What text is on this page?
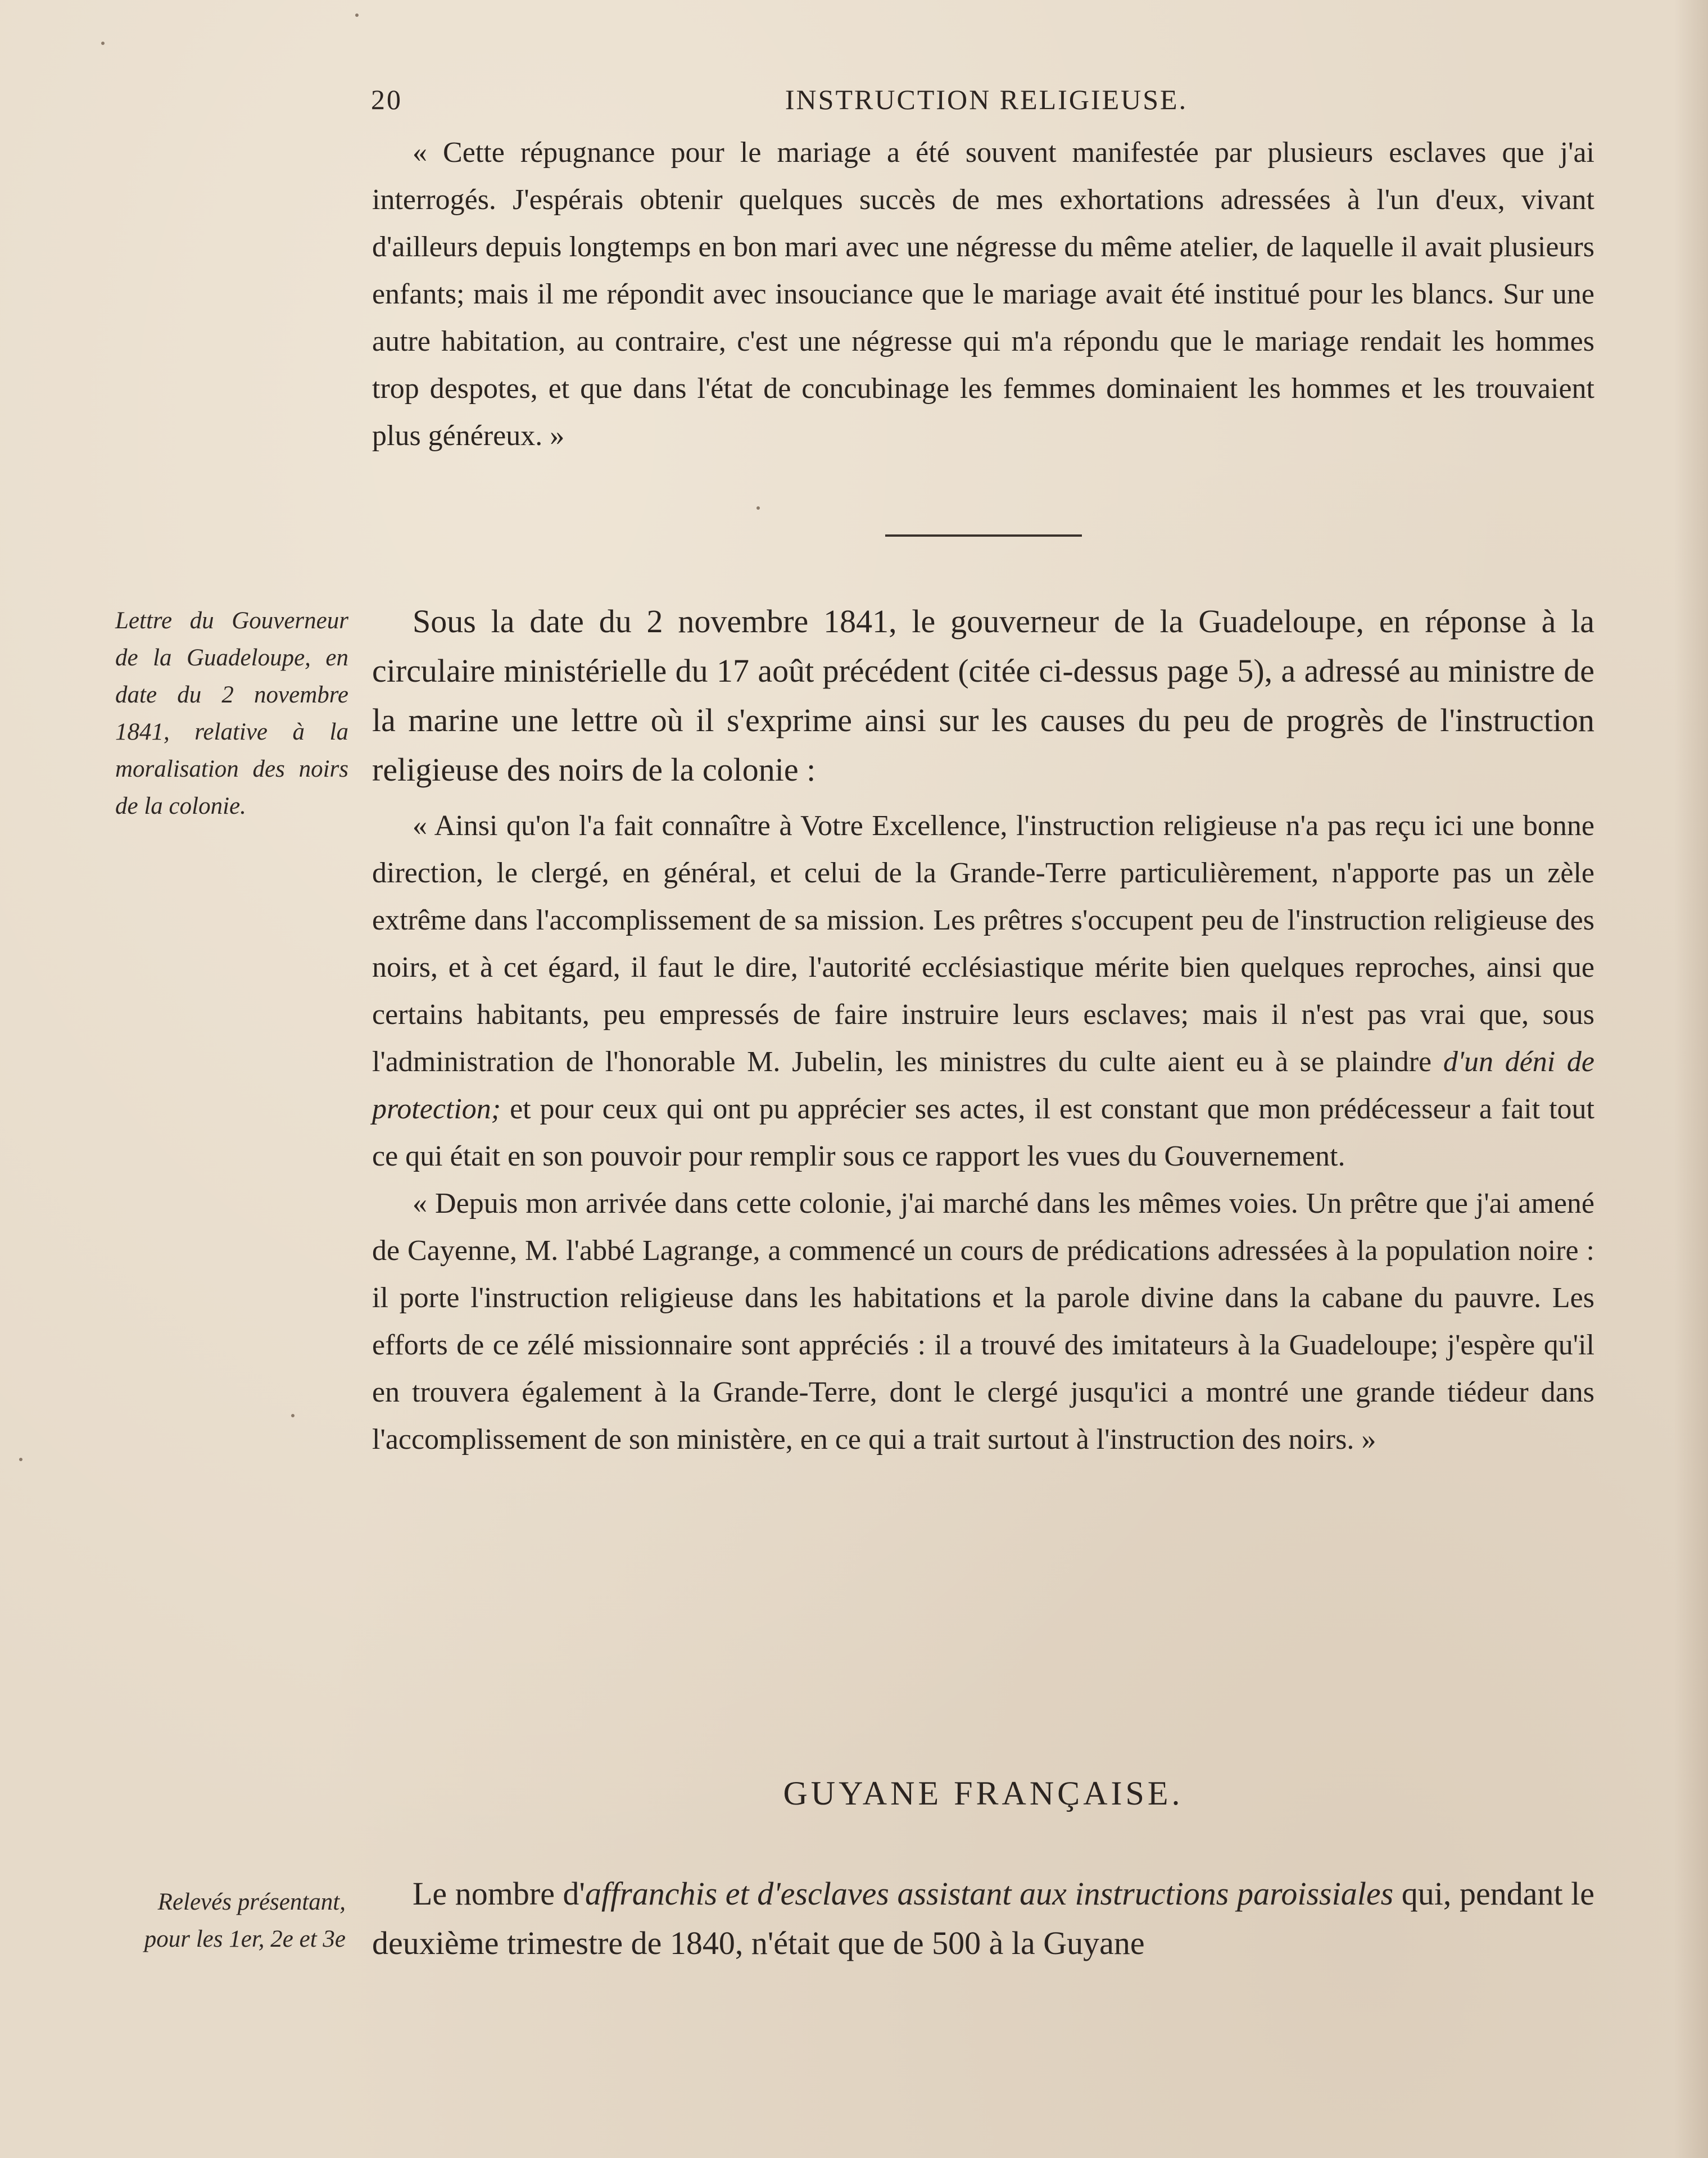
20	INSTRUCTION RELIGIEUSE.

« Cette répugnance pour le mariage a été souvent manifestée par plusieurs esclaves que j'ai interrogés. J'espérais obtenir quelques succès de mes exhortations adressées à l'un d'eux, vivant d'ailleurs depuis longtemps en bon mari avec une négresse du même atelier, de laquelle il avait plusieurs enfants; mais il me répondit avec insouciance que le mariage avait été institué pour les blancs. Sur une autre habitation, au contraire, c'est une négresse qui m'a répondu que le mariage rendait les hommes trop despotes, et que dans l'état de concubinage les femmes dominaient les hommes et les trouvaient plus généreux. »

Lettre du Gouverneur de la Guadeloupe, en date du 2 novembre 1841, relative à la moralisation des noirs de la colonie.

Sous la date du 2 novembre 1841, le gouverneur de la Guadeloupe, en réponse à la circulaire ministérielle du 17 août précédent (citée ci-dessus page 5), a adressé au ministre de la marine une lettre où il s'exprime ainsi sur les causes du peu de progrès de l'instruction religieuse des noirs de la colonie :

« Ainsi qu'on l'a fait connaître à Votre Excellence, l'instruction religieuse n'a pas reçu ici une bonne direction, le clergé, en général, et celui de la Grande-Terre particulièrement, n'apporte pas un zèle extrême dans l'accomplissement de sa mission. Les prêtres s'occupent peu de l'instruction religieuse des noirs, et à cet égard, il faut le dire, l'autorité ecclésiastique mérite bien quelques reproches, ainsi que certains habitants, peu empressés de faire instruire leurs esclaves; mais il n'est pas vrai que, sous l'administration de l'honorable M. Jubelin, les ministres du culte aient eu à se plaindre d'un déni de protection; et pour ceux qui ont pu apprécier ses actes, il est constant que mon prédécesseur a fait tout ce qui était en son pouvoir pour remplir sous ce rapport les vues du Gouvernement.

« Depuis mon arrivée dans cette colonie, j'ai marché dans les mêmes voies. Un prêtre que j'ai amené de Cayenne, M. l'abbé Lagrange, a commencé un cours de prédications adressées à la population noire : il porte l'instruction religieuse dans les habitations et la parole divine dans la cabane du pauvre. Les efforts de ce zélé missionnaire sont appréciés : il a trouvé des imitateurs à la Guadeloupe; j'espère qu'il en trouvera également à la Grande-Terre, dont le clergé jusqu'ici a montré une grande tiédeur dans l'accomplissement de son ministère, en ce qui a trait surtout à l'instruction des noirs. »

GUYANE FRANÇAISE.
Relevés présentant, pour les 1er, 2e et 3e

Le nombre d'affranchis et d'esclaves assistant aux instructions paroissiales qui, pendant le deuxième trimestre de 1840, n'était que de 500 à la Guyane
